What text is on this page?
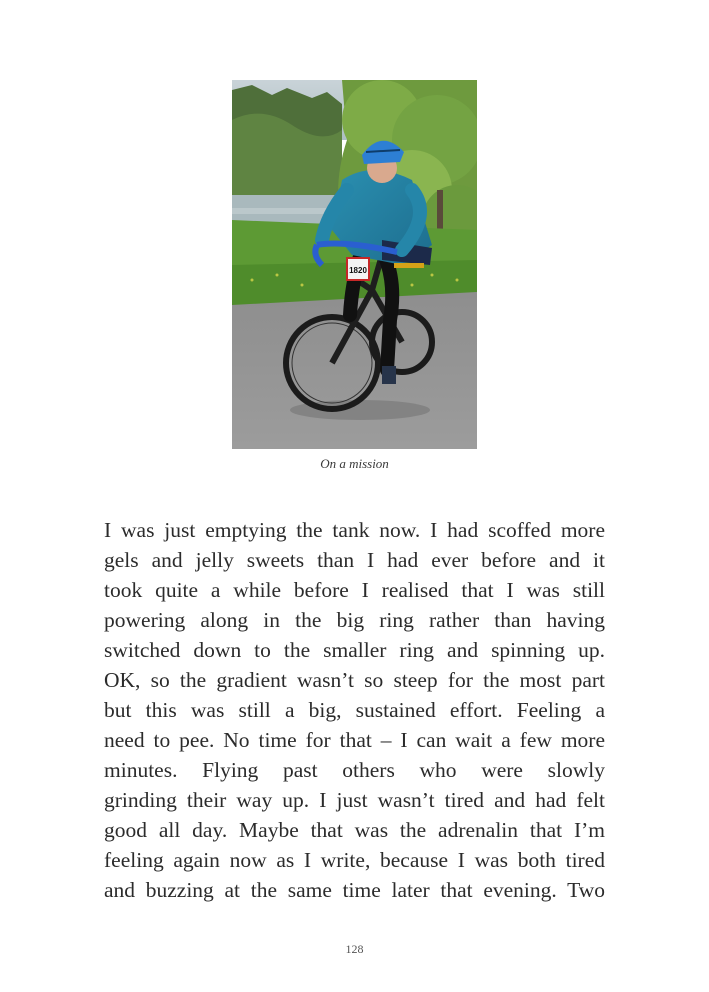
1820
On a mission
I was just emptying the tank now. I had scoffed more
gels and jelly sweets than I had ever before and it
took quite a while before I realised that I was still
powering along in the big ring rather than having
switched down to the smaller ring and spinning up.
OK, so the gradient wasn’t so steep for the most part
but this was still a big, sustained effort. Feeling a
need to pee. No time for that – I can wait a few more
minutes. Flying past others who were slowly
grinding their way up. I just wasn’t tired and had felt
good all day. Maybe that was the adrenalin that I’m
feeling again now as I write, because I was both tired
and buzzing at the same time later that evening. Two
128
